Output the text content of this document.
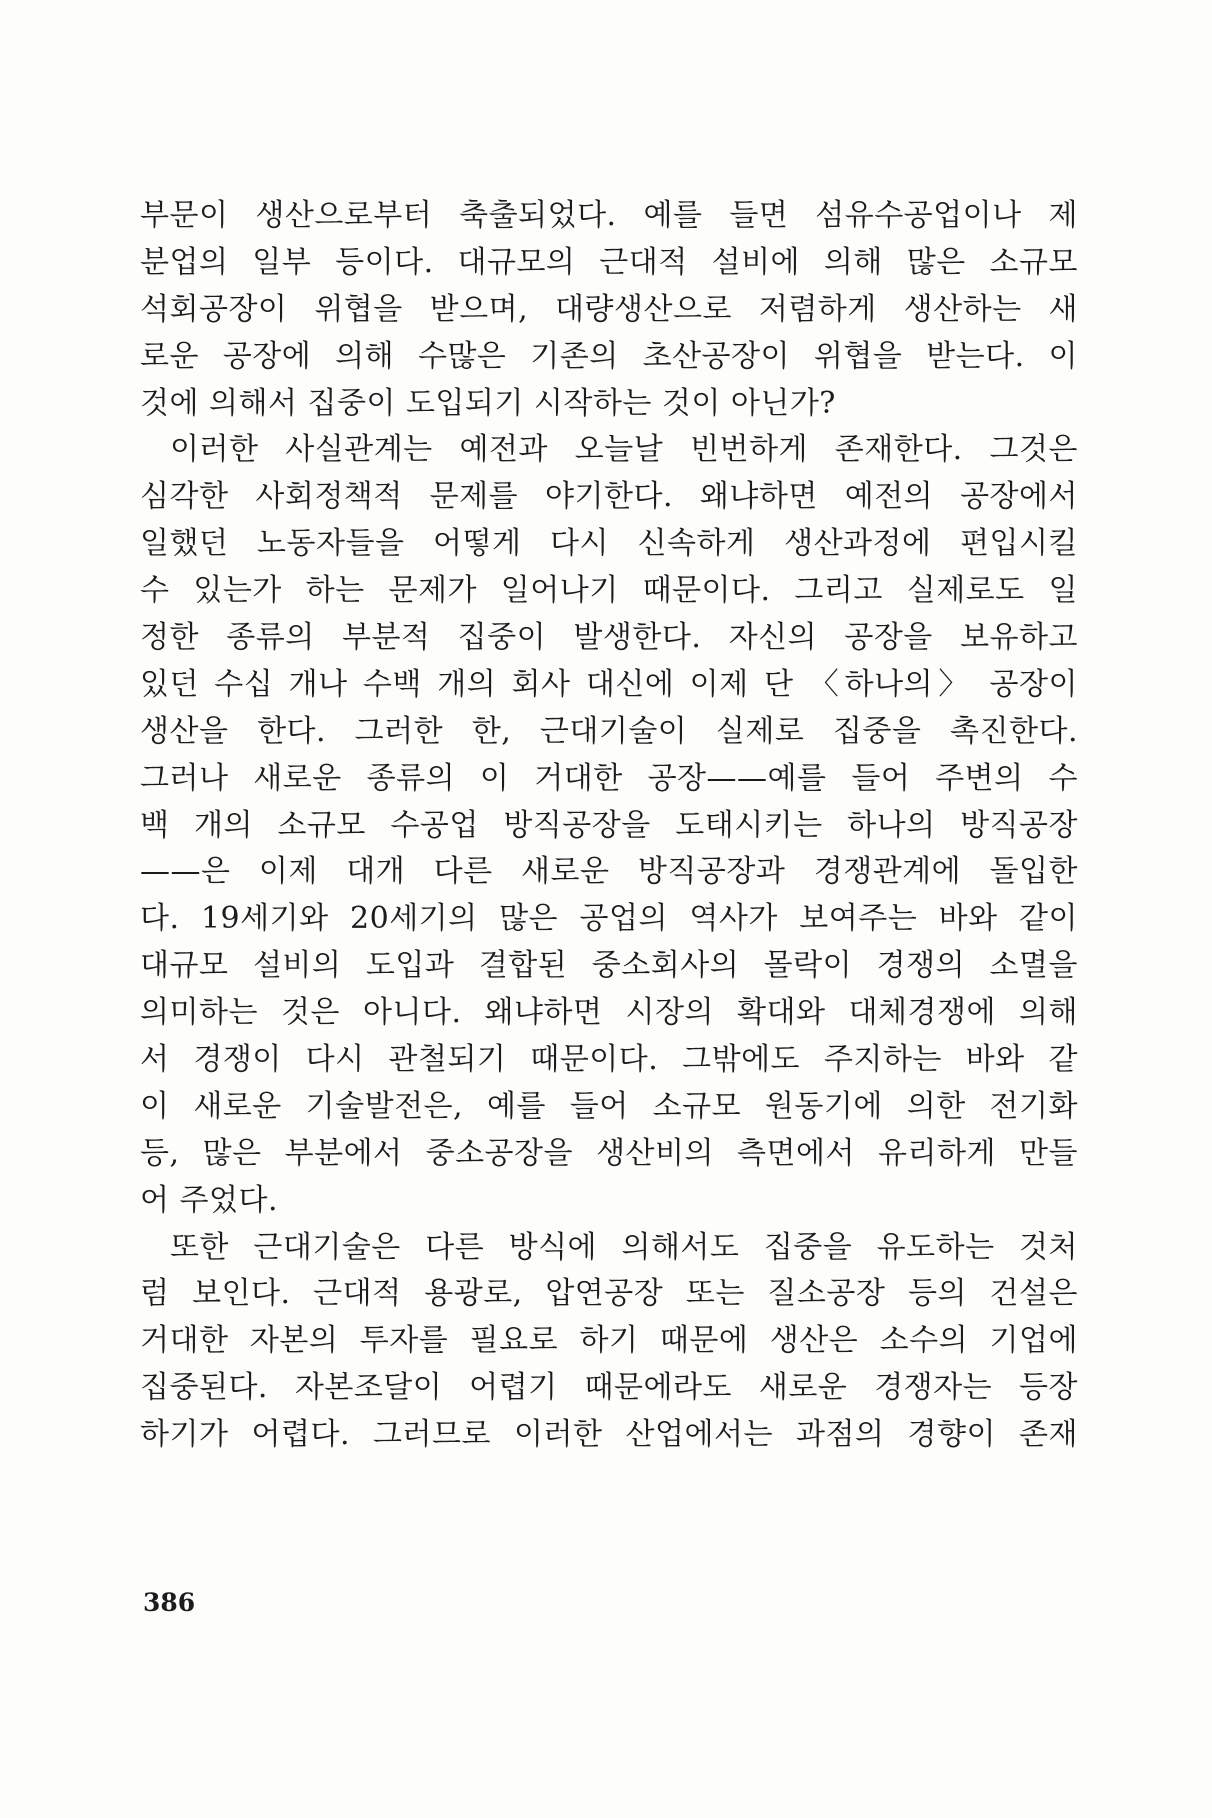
부문이 생산으로부터 축출되었다. 예를 들면 섬유수공업이나 제
분업의 일부 등이다. 대규모의 근대적 설비에 의해 많은 소규모
석회공장이 위협을 받으며, 대량생산으로 저렴하게 생산하는 새
로운 공장에 의해 수많은 기존의 초산공장이 위협을 받는다. 이
것에 의해서 집중이 도입되기 시작하는 것이 아닌가?
이러한 사실관계는 예전과 오늘날 빈번하게 존재한다. 그것은
심각한 사회정책적 문제를 야기한다. 왜냐하면 예전의 공장에서
일했던 노동자들을 어떻게 다시 신속하게 생산과정에 편입시킬
수 있는가 하는 문제가 일어나기 때문이다. 그리고 실제로도 일
정한 종류의 부분적 집중이 발생한다. 자신의 공장을 보유하고
있던 수십 개나 수백 개의 회사 대신에 이제 단 〈하나의〉 공장이
생산을 한다. 그러한 한, 근대기술이 실제로 집중을 촉진한다.
그러나 새로운 종류의 이 거대한 공장——예를 들어 주변의 수
백 개의 소규모 수공업 방직공장을 도태시키는 하나의 방직공장
——은 이제 대개 다른 새로운 방직공장과 경쟁관계에 돌입한
다. 19세기와 20세기의 많은 공업의 역사가 보여주는 바와 같이
대규모 설비의 도입과 결합된 중소회사의 몰락이 경쟁의 소멸을
의미하는 것은 아니다. 왜냐하면 시장의 확대와 대체경쟁에 의해
서 경쟁이 다시 관철되기 때문이다. 그밖에도 주지하는 바와 같
이 새로운 기술발전은, 예를 들어 소규모 원동기에 의한 전기화
등, 많은 부분에서 중소공장을 생산비의 측면에서 유리하게 만들
어 주었다.
또한 근대기술은 다른 방식에 의해서도 집중을 유도하는 것처
럼 보인다. 근대적 용광로, 압연공장 또는 질소공장 등의 건설은
거대한 자본의 투자를 필요로 하기 때문에 생산은 소수의 기업에
집중된다. 자본조달이 어렵기 때문에라도 새로운 경쟁자는 등장
하기가 어렵다. 그러므로 이러한 산업에서는 과점의 경향이 존재
386
